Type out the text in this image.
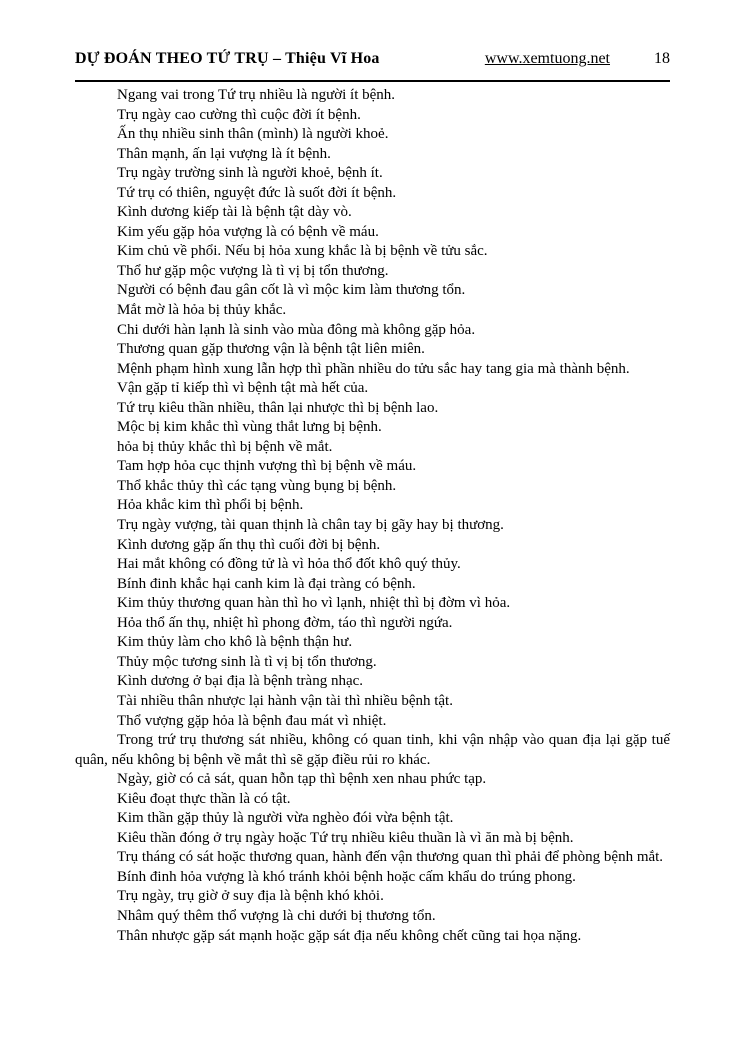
DỰ ĐOÁN THEO TỨ TRỤ – Thiệu Vĩ Hoa	www.xemtuong.net	18

Ngang vai trong Tứ trụ nhiều là người ít bệnh.

Trụ ngày cao cường thì cuộc đời ít bệnh.

Ấn thụ nhiều sinh thân (mình) là người khoẻ.

Thân mạnh, ấn lại vượng là ít bệnh.

Trụ ngày trường sinh là người khoẻ, bệnh ít.

Tứ trụ có thiên, nguyệt đức là suốt đời ít bệnh.

Kình dương kiếp tài là bệnh tật dày vò.

Kim yếu gặp hỏa vượng là có bệnh về máu.

Kim chủ về phổi. Nếu bị hỏa xung khắc là bị bệnh về tửu sắc.

Thổ hư gặp mộc vượng là tì vị bị tổn thương.

Người có bệnh đau gân cốt là vì mộc kim làm thương tổn.

Mắt mờ là hỏa bị thủy khắc.

Chi dưới hàn lạnh là sinh vào mùa đông mà không gặp hỏa.

Thương quan gặp thương vận là bệnh tật liên miên.

Mệnh phạm hình xung lẫn hợp thì phần nhiều do tửu sắc hay tang gia mà thành bệnh.

Vận gặp tỉ kiếp thì vì bệnh tật mà hết của.

Tứ trụ kiêu thần nhiều, thân lại nhược thì bị bệnh lao.

Mộc bị kim khắc thì vùng thắt lưng bị bệnh.

hỏa bị thủy khắc thì bị bệnh về mắt.

Tam hợp hỏa cục thịnh vượng thì bị bệnh về máu.

Thổ khắc thủy thì các tạng vùng bụng bị bệnh.

Hỏa khắc kim thì phổi bị bệnh.

Trụ ngày vượng, tài quan thịnh là chân tay bị gãy hay bị thương.

Kình dương gặp ấn thụ thì cuối đời bị bệnh.

Hai mắt không có đồng tử là vì hỏa thổ đốt khô quý thủy.

Bính đinh khắc hại canh kim là đại tràng có bệnh.

Kim thủy thương quan hàn thì ho vì lạnh, nhiệt thì bị đờm vì hỏa.

Hỏa thổ ấn thụ, nhiệt hì phong đờm, táo thì người ngứa.

Kim thủy làm cho khô là bệnh thận hư.

Thủy mộc tương sinh là tì vị bị tổn thương.

Kình dương ở bại địa là bệnh tràng nhạc.

Tài nhiều thân nhược lại hành vận tài thì nhiều bệnh tật.

Thổ vượng gặp hỏa là bệnh đau mát vì nhiệt.

Trong trứ trụ thương sát nhiều, không có quan tinh, khi vận nhập vào quan địa lại gặp tuế quân, nếu không bị bệnh về mắt thì sẽ gặp điều rủi ro khác.

Ngày, giờ có cả sát, quan hỗn tạp thì bệnh xen nhau phức tạp.

Kiêu đoạt thực thần là có tật.

Kim thần gặp thủy là người vừa nghèo đói vừa bệnh tật.

Kiêu thần đóng ở trụ ngày hoặc Tứ trụ nhiều kiêu thuần là vì ăn mà bị bệnh.

Trụ tháng có sát hoặc thương quan, hành đến vận thương quan thì phải để phòng bệnh mắt.

Bính đinh hỏa vượng là khó tránh khỏi bệnh hoặc cấm khẩu do trúng phong.

Trụ ngày, trụ giờ ở suy địa là bệnh khó khỏi.

Nhâm quý thêm thổ vượng là chi dưới bị thương tổn.

Thân nhược gặp sát mạnh hoặc gặp sát địa nếu không chết cũng tai họa nặng.
